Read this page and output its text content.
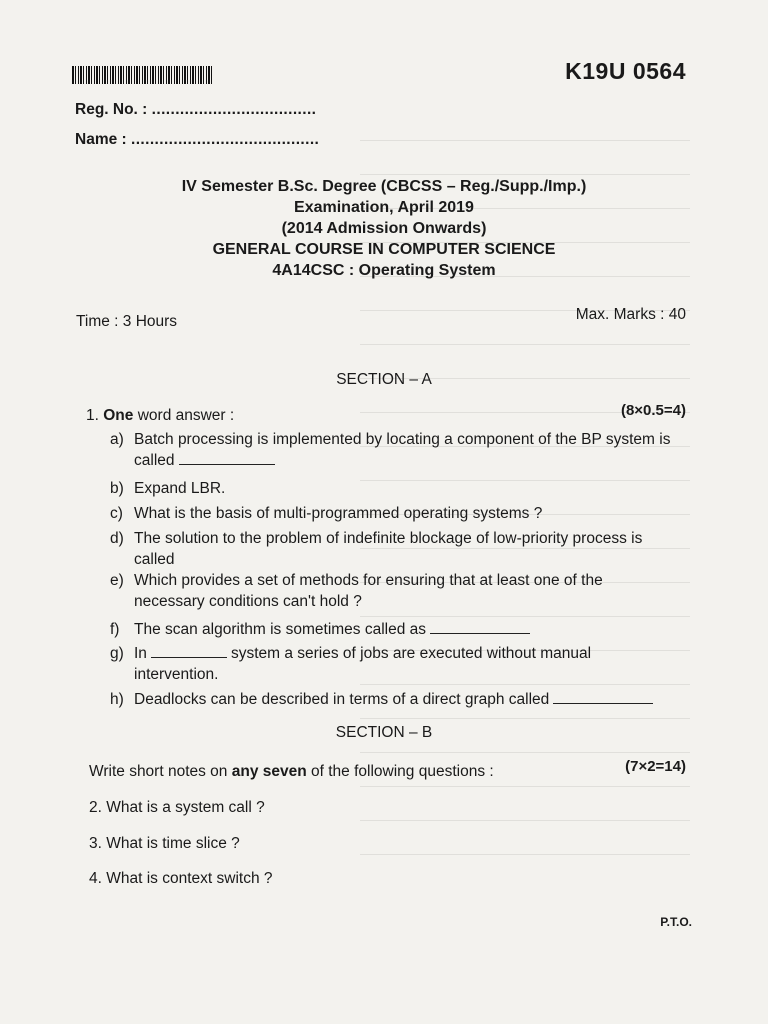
K19U 0564
Reg. No. : ...................................
Name : ........................................
IV Semester B.Sc. Degree (CBCSS – Reg./Supp./Imp.)
Examination, April 2019
(2014 Admission Onwards)
GENERAL COURSE IN COMPUTER SCIENCE
4A14CSC : Operating System
Time : 3 Hours	Max. Marks : 40
SECTION – A
1. One word answer :	(8×0.5=4)
a) Batch processing is implemented by locating a component of the BP system is called
b) Expand LBR.
c) What is the basis of multi-programmed operating systems ?
d) The solution to the problem of indefinite blockage of low-priority process is called
e) Which provides a set of methods for ensuring that at least one of the necessary conditions can't hold ?
f) The scan algorithm is sometimes called as
g) In	system a series of jobs are executed without manual intervention.
h) Deadlocks can be described in terms of a direct graph called
SECTION – B
Write short notes on any seven of the following questions :	(7×2=14)
2. What is a system call ?
3. What is time slice ?
4. What is context switch ?
P.T.O.
